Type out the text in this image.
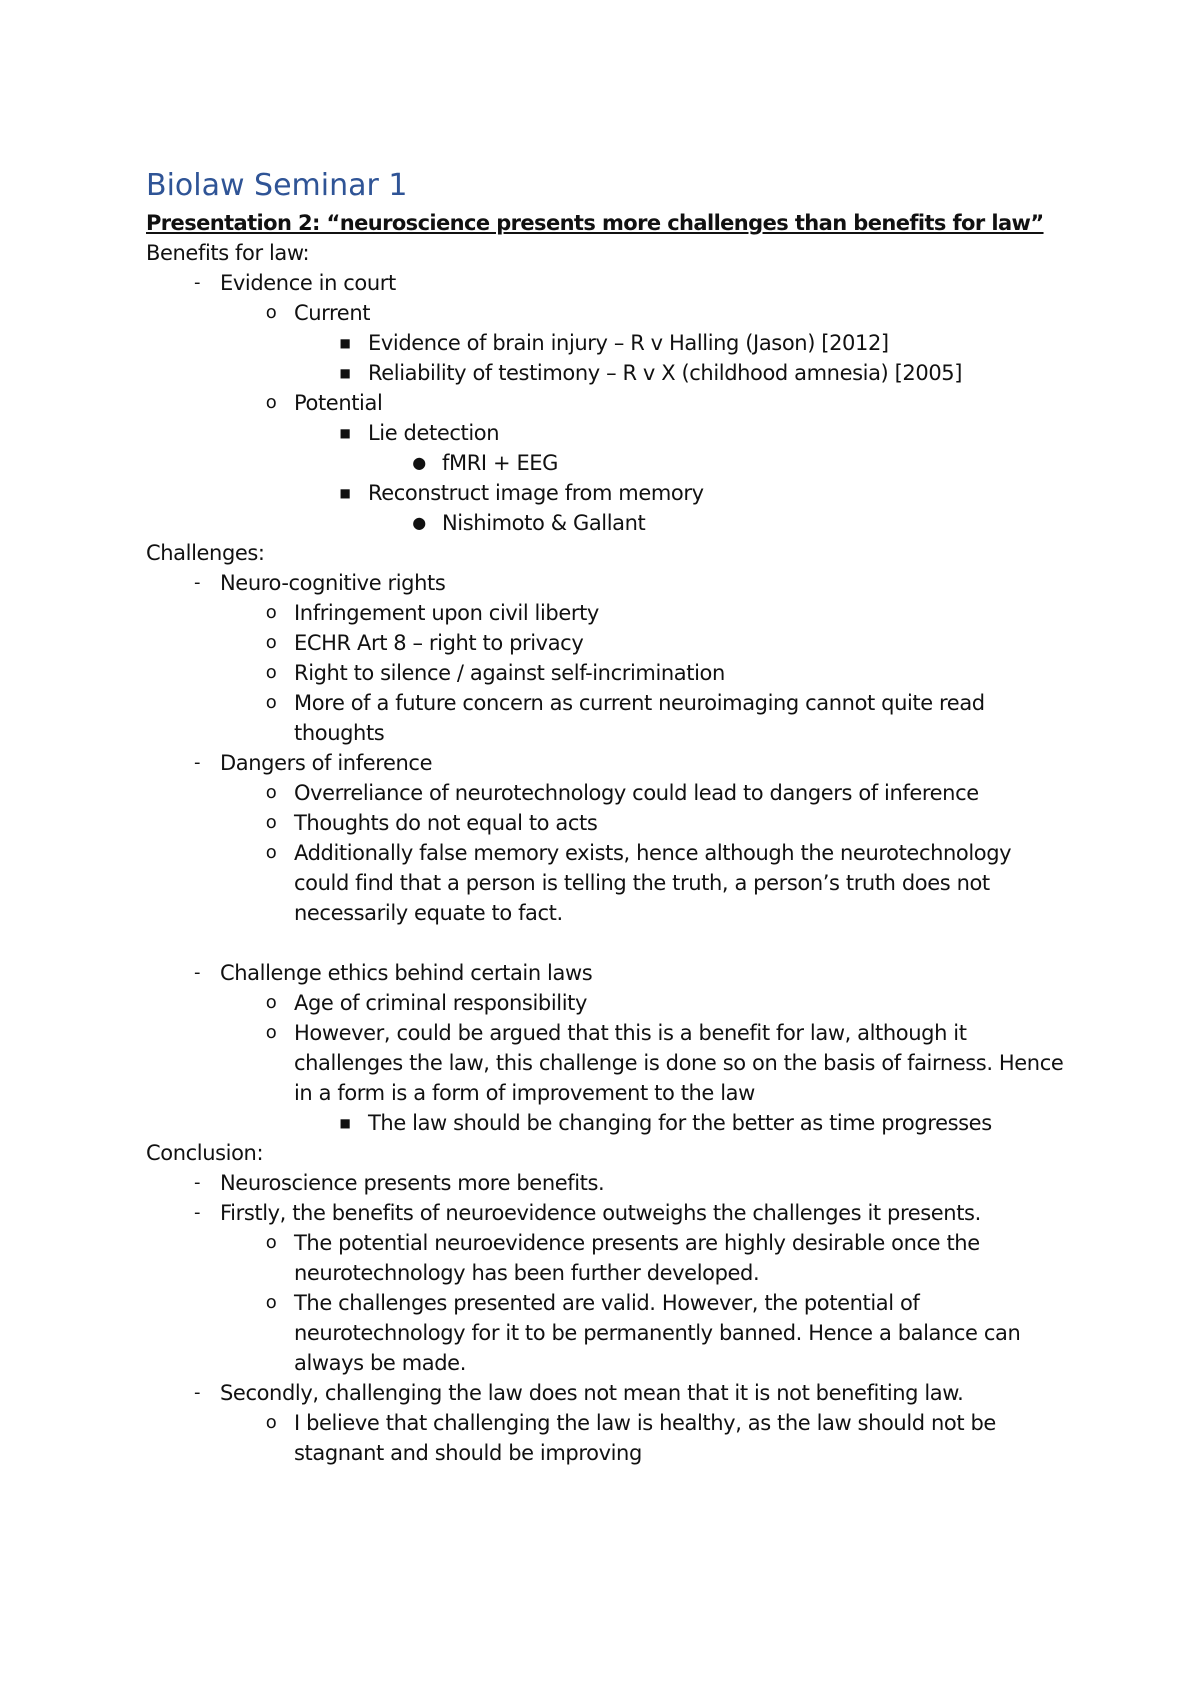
Biolaw Seminar 1
Presentation 2: “neuroscience presents more challenges than benefits for law”
Benefits for law:
- Evidence in court
o Current
■ Evidence of brain injury – R v Halling (Jason) [2012]
■ Reliability of testimony – R v X (childhood amnesia) [2005]
o Potential
■ Lie detection
● fMRI + EEG
■ Reconstruct image from memory
● Nishimoto & Gallant
Challenges:
- Neuro-cognitive rights
o Infringement upon civil liberty
o ECHR Art 8 – right to privacy
o Right to silence / against self-incrimination
o More of a future concern as current neuroimaging cannot quite read thoughts
- Dangers of inference
o Overreliance of neurotechnology could lead to dangers of inference
o Thoughts do not equal to acts
o Additionally false memory exists, hence although the neurotechnology could find that a person is telling the truth, a person’s truth does not necessarily equate to fact.
- Challenge ethics behind certain laws
o Age of criminal responsibility
o However, could be argued that this is a benefit for law, although it challenges the law, this challenge is done so on the basis of fairness. Hence in a form is a form of improvement to the law
■ The law should be changing for the better as time progresses
Conclusion:
- Neuroscience presents more benefits.
- Firstly, the benefits of neuroevidence outweighs the challenges it presents.
o The potential neuroevidence presents are highly desirable once the neurotechnology has been further developed.
o The challenges presented are valid. However, the potential of neurotechnology for it to be permanently banned. Hence a balance can always be made.
- Secondly, challenging the law does not mean that it is not benefiting law.
o I believe that challenging the law is healthy, as the law should not be stagnant and should be improving
